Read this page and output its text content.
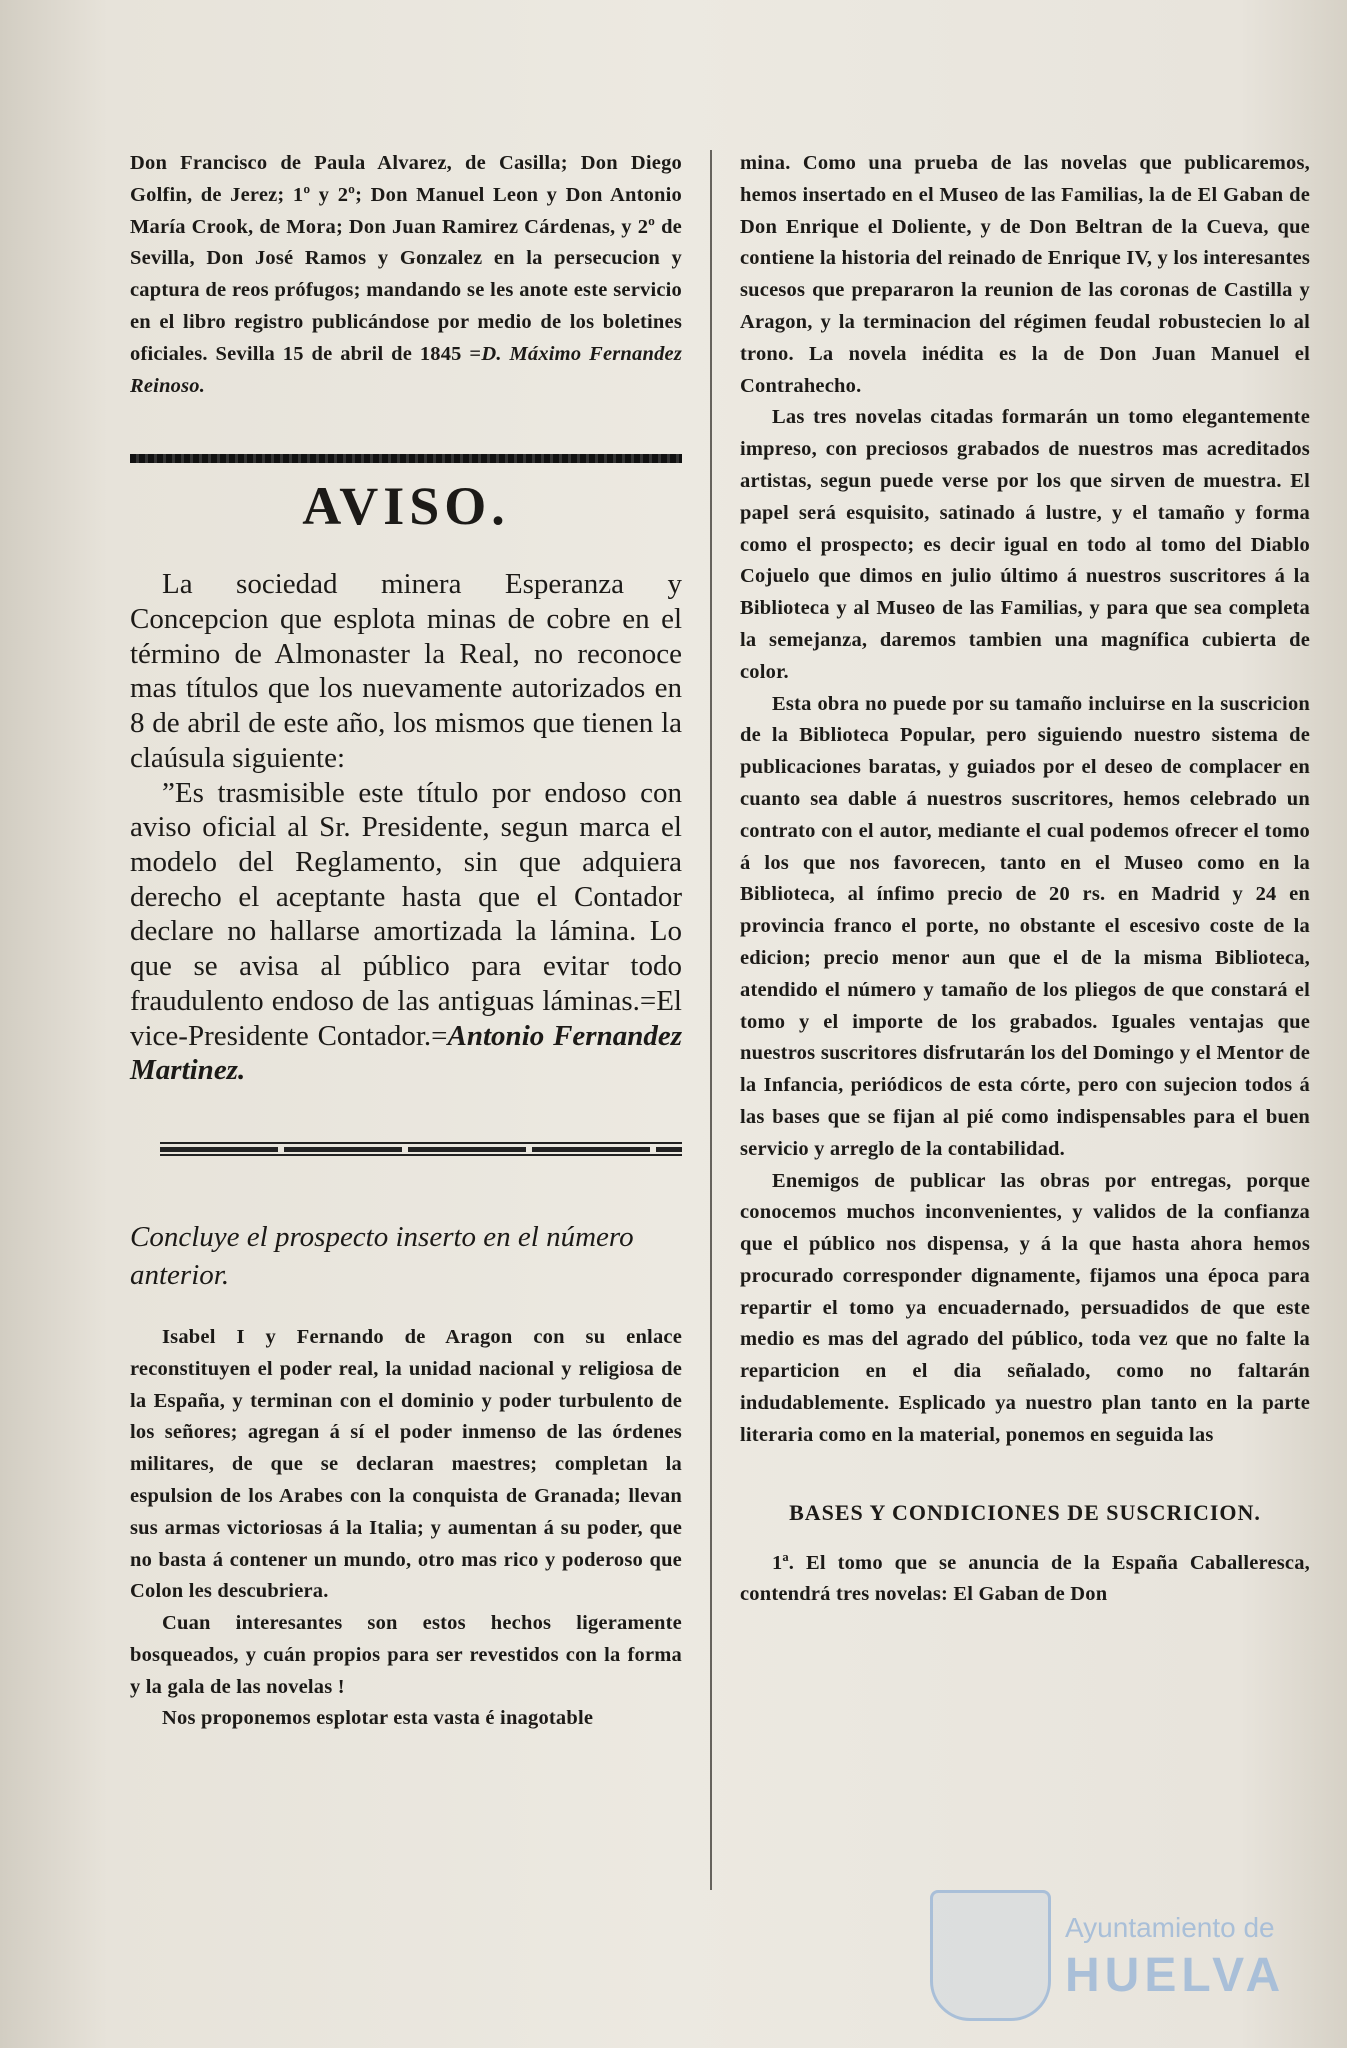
Don Francisco de Paula Alvarez, de Casilla; Don Diego Golfin, de Jerez; 1º y 2º; Don Manuel Leon y Don Antonio María Crook, de Mora; Don Juan Ramirez Cárdenas, y 2º de Sevilla, Don José Ramos y Gonzalez en la persecucion y captura de reos prófugos; mandando se les anote este servicio en el libro registro publicándose por medio de los boletines oficiales. Sevilla 15 de abril de 1845 =D. Máximo Fernandez Reinoso.

AVISO.

La sociedad minera Esperanza y Concepcion que esplota minas de cobre en el término de Almonaster la Real, no reconoce mas títulos que los nuevamente autorizados en 8 de abril de este año, los mismos que tienen la claúsula siguiente:

”Es trasmisible este título por endoso con aviso oficial al Sr. Presidente, segun marca el modelo del Reglamento, sin que adquiera derecho el aceptante hasta que el Contador declare no hallarse amortizada la lámina. Lo que se avisa al público para evitar todo fraudulento endoso de las antiguas láminas.=El vice-Presidente Contador.=Antonio Fernandez Martinez.

Concluye el prospecto inserto en el número anterior.

Isabel I y Fernando de Aragon con su enlace reconstituyen el poder real, la unidad nacional y religiosa de la España, y terminan con el dominio y poder turbulento de los señores; agregan á sí el poder inmenso de las órdenes militares, de que se declaran maestres; completan la espulsion de los Arabes con la conquista de Granada; llevan sus armas victoriosas á la Italia; y aumentan á su poder, que no basta á contener un mundo, otro mas rico y poderoso que Colon les descubriera.

Cuan interesantes son estos hechos ligeramente bosqueados, y cuán propios para ser revestidos con la forma y la gala de las novelas !

Nos proponemos esplotar esta vasta é inagotable

mina. Como una prueba de las novelas que publicaremos, hemos insertado en el Museo de las Familias, la de El Gaban de Don Enrique el Doliente, y de Don Beltran de la Cueva, que contiene la historia del reinado de Enrique IV, y los interesantes sucesos que prepararon la reunion de las coronas de Castilla y Aragon, y la terminacion del régimen feudal robustecien lo al trono. La novela inédita es la de Don Juan Manuel el Contrahecho.

Las tres novelas citadas formarán un tomo elegantemente impreso, con preciosos grabados de nuestros mas acreditados artistas, segun puede verse por los que sirven de muestra. El papel será esquisito, satinado á lustre, y el tamaño y forma como el prospecto; es decir igual en todo al tomo del Diablo Cojuelo que dimos en julio último á nuestros suscritores á la Biblioteca y al Museo de las Familias, y para que sea completa la semejanza, daremos tambien una magnífica cubierta de color.

Esta obra no puede por su tamaño incluirse en la suscricion de la Biblioteca Popular, pero siguiendo nuestro sistema de publicaciones baratas, y guiados por el deseo de complacer en cuanto sea dable á nuestros suscritores, hemos celebrado un contrato con el autor, mediante el cual podemos ofrecer el tomo á los que nos favorecen, tanto en el Museo como en la Biblioteca, al ínfimo precio de 20 rs. en Madrid y 24 en provincia franco el porte, no obstante el escesivo coste de la edicion; precio menor aun que el de la misma Biblioteca, atendido el número y tamaño de los pliegos de que constará el tomo y el importe de los grabados. Iguales ventajas que nuestros suscritores disfrutarán los del Domingo y el Mentor de la Infancia, periódicos de esta córte, pero con sujecion todos á las bases que se fijan al pié como indispensables para el buen servicio y arreglo de la contabilidad.

Enemigos de publicar las obras por entregas, porque conocemos muchos inconvenientes, y validos de la confianza que el público nos dispensa, y á la que hasta ahora hemos procurado corresponder dignamente, fijamos una época para repartir el tomo ya encuadernado, persuadidos de que este medio es mas del agrado del público, toda vez que no falte la reparticion en el dia señalado, como no faltarán indudablemente. Esplicado ya nuestro plan tanto en la parte literaria como en la material, ponemos en seguida las

BASES Y CONDICIONES DE SUSCRICION.

1ª. El tomo que se anuncia de la España Caballeresca, contendrá tres novelas: El Gaban de Don

Ayuntamiento de
HUELVA
